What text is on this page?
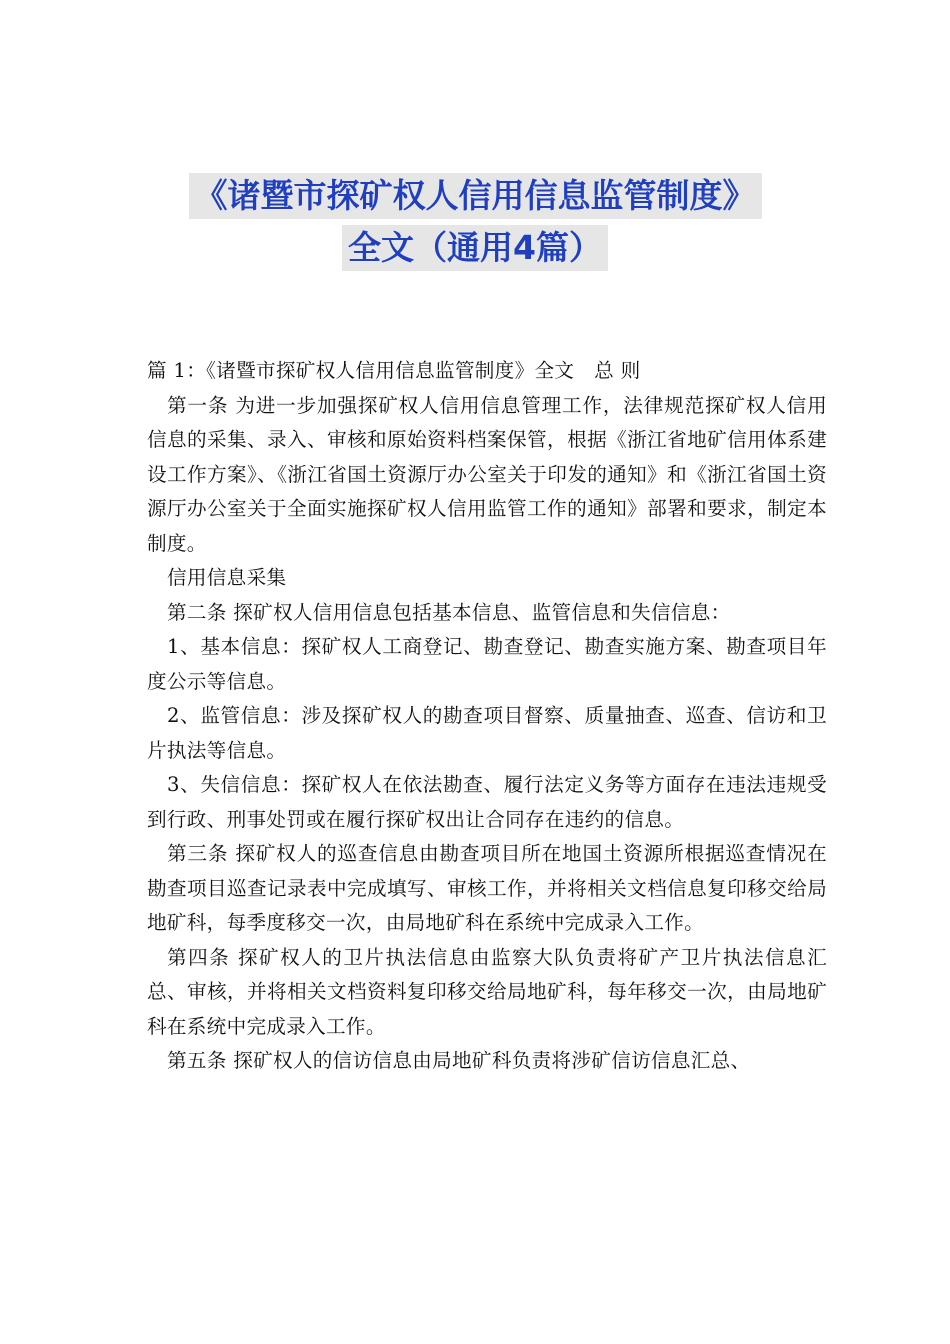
《诸暨市探矿权人信用信息监管制度》
全文（通用4篇）

篇 1：《诸暨市探矿权人信用信息监管制度》全文　总 则

第一条 为进一步加强探矿权人信用信息管理工作，法律规范探矿权人信用信息的采集、录入、审核和原始资料档案保管，根据《浙江省地矿信用体系建设工作方案》、《浙江省国土资源厅办公室关于印发的通知》和《浙江省国土资源厅办公室关于全面实施探矿权人信用监管工作的通知》部署和要求，制定本制度。

信用信息采集

第二条 探矿权人信用信息包括基本信息、监管信息和失信信息：

1、基本信息：探矿权人工商登记、勘查登记、勘查实施方案、勘查项目年度公示等信息。

2、监管信息：涉及探矿权人的勘查项目督察、质量抽查、巡查、信访和卫片执法等信息。

3、失信信息：探矿权人在依法勘查、履行法定义务等方面存在违法违规受到行政、刑事处罚或在履行探矿权出让合同存在违约的信息。

第三条 探矿权人的巡查信息由勘查项目所在地国土资源所根据巡查情况在勘查项目巡查记录表中完成填写、审核工作，并将相关文档信息复印移交给局地矿科，每季度移交一次，由局地矿科在系统中完成录入工作。

第四条 探矿权人的卫片执法信息由监察大队负责将矿产卫片执法信息汇总、审核，并将相关文档资料复印移交给局地矿科，每年移交一次，由局地矿科在系统中完成录入工作。

第五条 探矿权人的信访信息由局地矿科负责将涉矿信访信息汇总、
